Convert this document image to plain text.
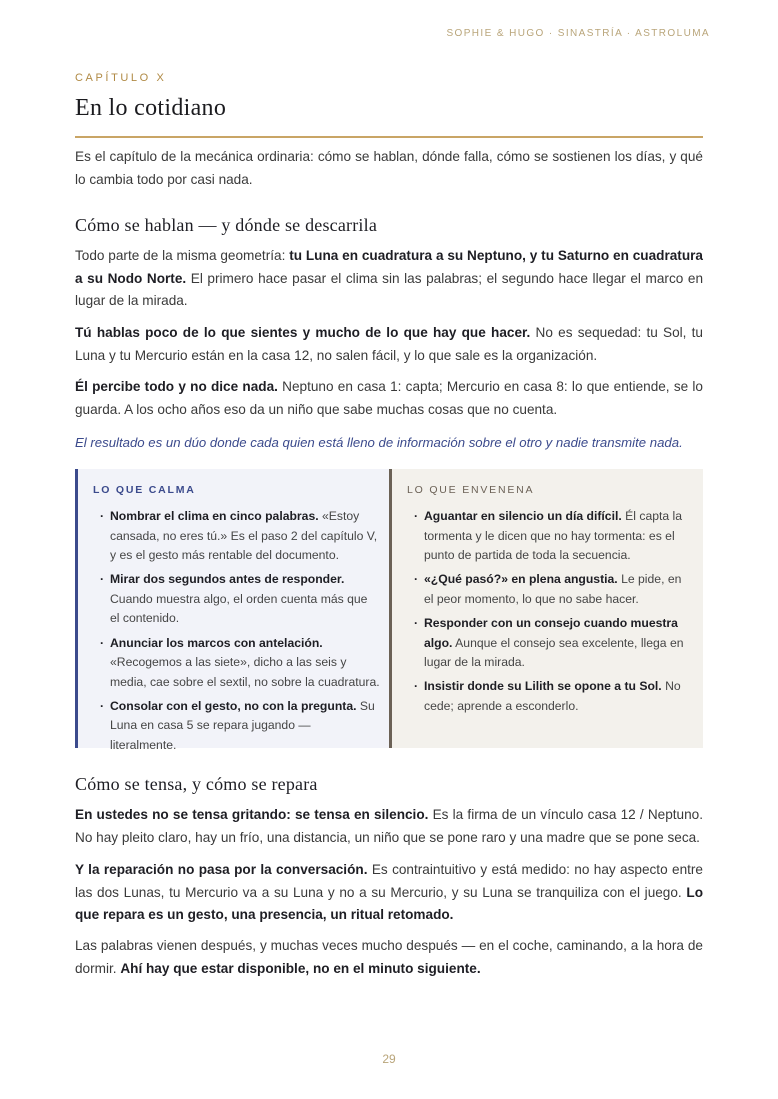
SOPHIE & HUGO · SINASTRÍA · ASTROLUMA
CAPÍTULO X
En lo cotidiano

Es el capítulo de la mecánica ordinaria: cómo se hablan, dónde falla, cómo se sostienen los días, y qué lo cambia todo por casi nada.

Cómo se hablan — y dónde se descarrila

Todo parte de la misma geometría: tu Luna en cuadratura a su Neptuno, y tu Saturno en cuadratura a su Nodo Norte. El primero hace pasar el clima sin las palabras; el segundo hace llegar el marco en lugar de la mirada.

Tú hablas poco de lo que sientes y mucho de lo que hay que hacer. No es sequedad: tu Sol, tu Luna y tu Mercurio están en la casa 12, no salen fácil, y lo que sale es la organización.

Él percibe todo y no dice nada. Neptuno en casa 1: capta; Mercurio en casa 8: lo que entiende, se lo guarda. A los ocho años eso da un niño que sabe muchas cosas que no cuenta.

El resultado es un dúo donde cada quien está lleno de información sobre el otro y nadie transmite nada.

LO QUE CALMA
· Nombrar el clima en cinco palabras. «Estoy cansada, no eres tú.» Es el paso 2 del capítulo V, y es el gesto más rentable del documento.
· Mirar dos segundos antes de responder. Cuando muestra algo, el orden cuenta más que el contenido.
· Anunciar los marcos con antelación. «Recogemos a las siete», dicho a las seis y media, cae sobre el sextil, no sobre la cuadratura.
· Consolar con el gesto, no con la pregunta. Su Luna en casa 5 se repara jugando — literalmente.
LO QUE ENVENENA
· Aguantar en silencio un día difícil. Él capta la tormenta y le dicen que no hay tormenta: es el punto de partida de toda la secuencia.
· «¿Qué pasó?» en plena angustia. Le pide, en el peor momento, lo que no sabe hacer.
· Responder con un consejo cuando muestra algo. Aunque el consejo sea excelente, llega en lugar de la mirada.
· Insistir donde su Lilith se opone a tu Sol. No cede; aprende a esconderlo.
Cómo se tensa, y cómo se repara

En ustedes no se tensa gritando: se tensa en silencio. Es la firma de un vínculo casa 12 / Neptuno. No hay pleito claro, hay un frío, una distancia, un niño que se pone raro y una madre que se pone seca.

Y la reparación no pasa por la conversación. Es contraintuitivo y está medido: no hay aspecto entre las dos Lunas, tu Mercurio va a su Luna y no a su Mercurio, y su Luna se tranquiliza con el juego. Lo que repara es un gesto, una presencia, un ritual retomado.

Las palabras vienen después, y muchas veces mucho después — en el coche, caminando, a la hora de dormir. Ahí hay que estar disponible, no en el minuto siguiente.

29
